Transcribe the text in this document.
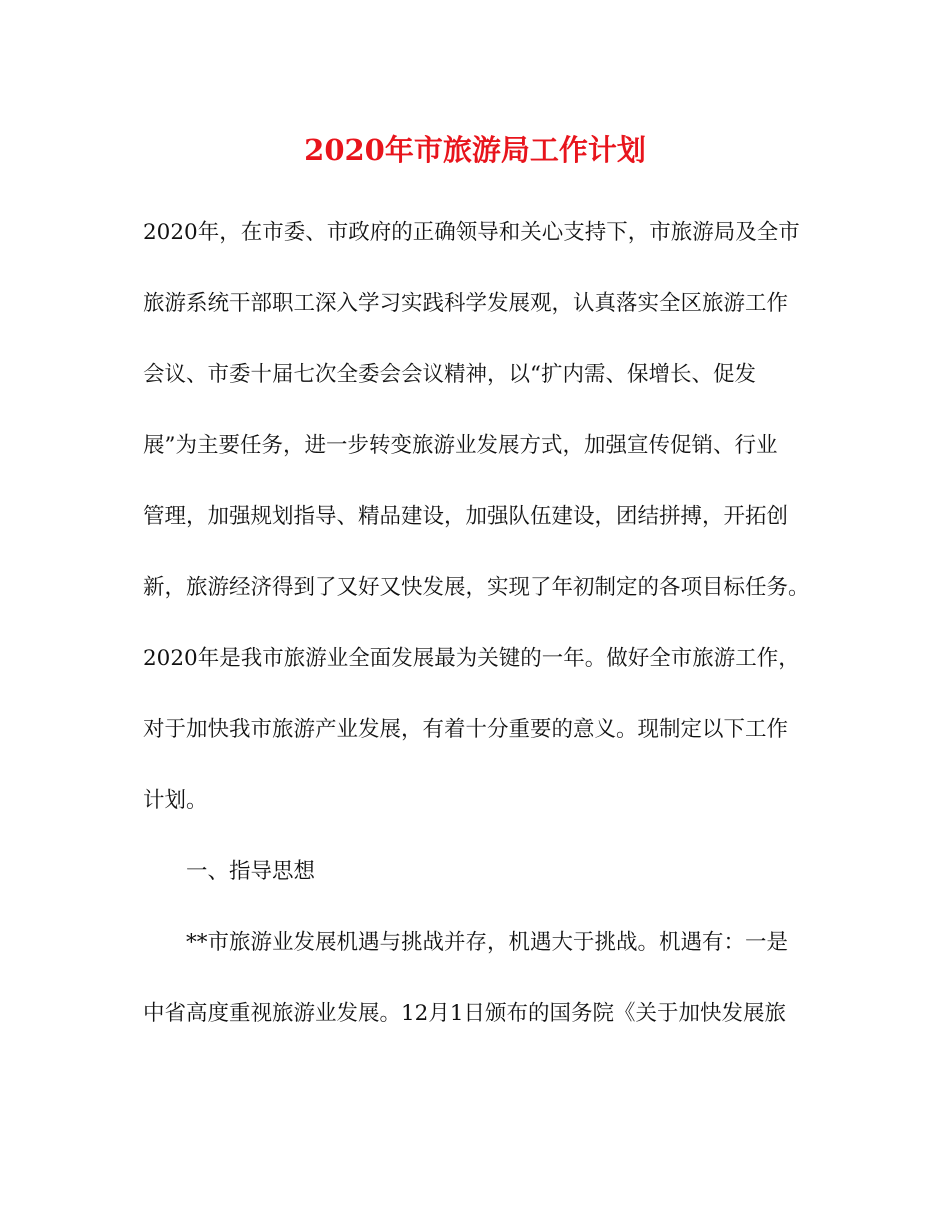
2020年市旅游局工作计划

2020年，在市委、市政府的正确领导和关心支持下，市旅游局及全市

旅游系统干部职工深入学习实践科学发展观，认真落实全区旅游工作

会议、市委十届七次全委会会议精神，以“扩内需、保增长、促发

展”为主要任务，进一步转变旅游业发展方式，加强宣传促销、行业

管理，加强规划指导、精品建设，加强队伍建设，团结拼搏，开拓创

新，旅游经济得到了又好又快发展，实现了年初制定的各项目标任务。

2020年是我市旅游业全面发展最为关键的一年。做好全市旅游工作，

对于加快我市旅游产业发展，有着十分重要的意义。现制定以下工作

计划。

一、指导思想

**市旅游业发展机遇与挑战并存，机遇大于挑战。机遇有：一是

中省高度重视旅游业发展。12月1日颁布的国务院《关于加快发展旅
